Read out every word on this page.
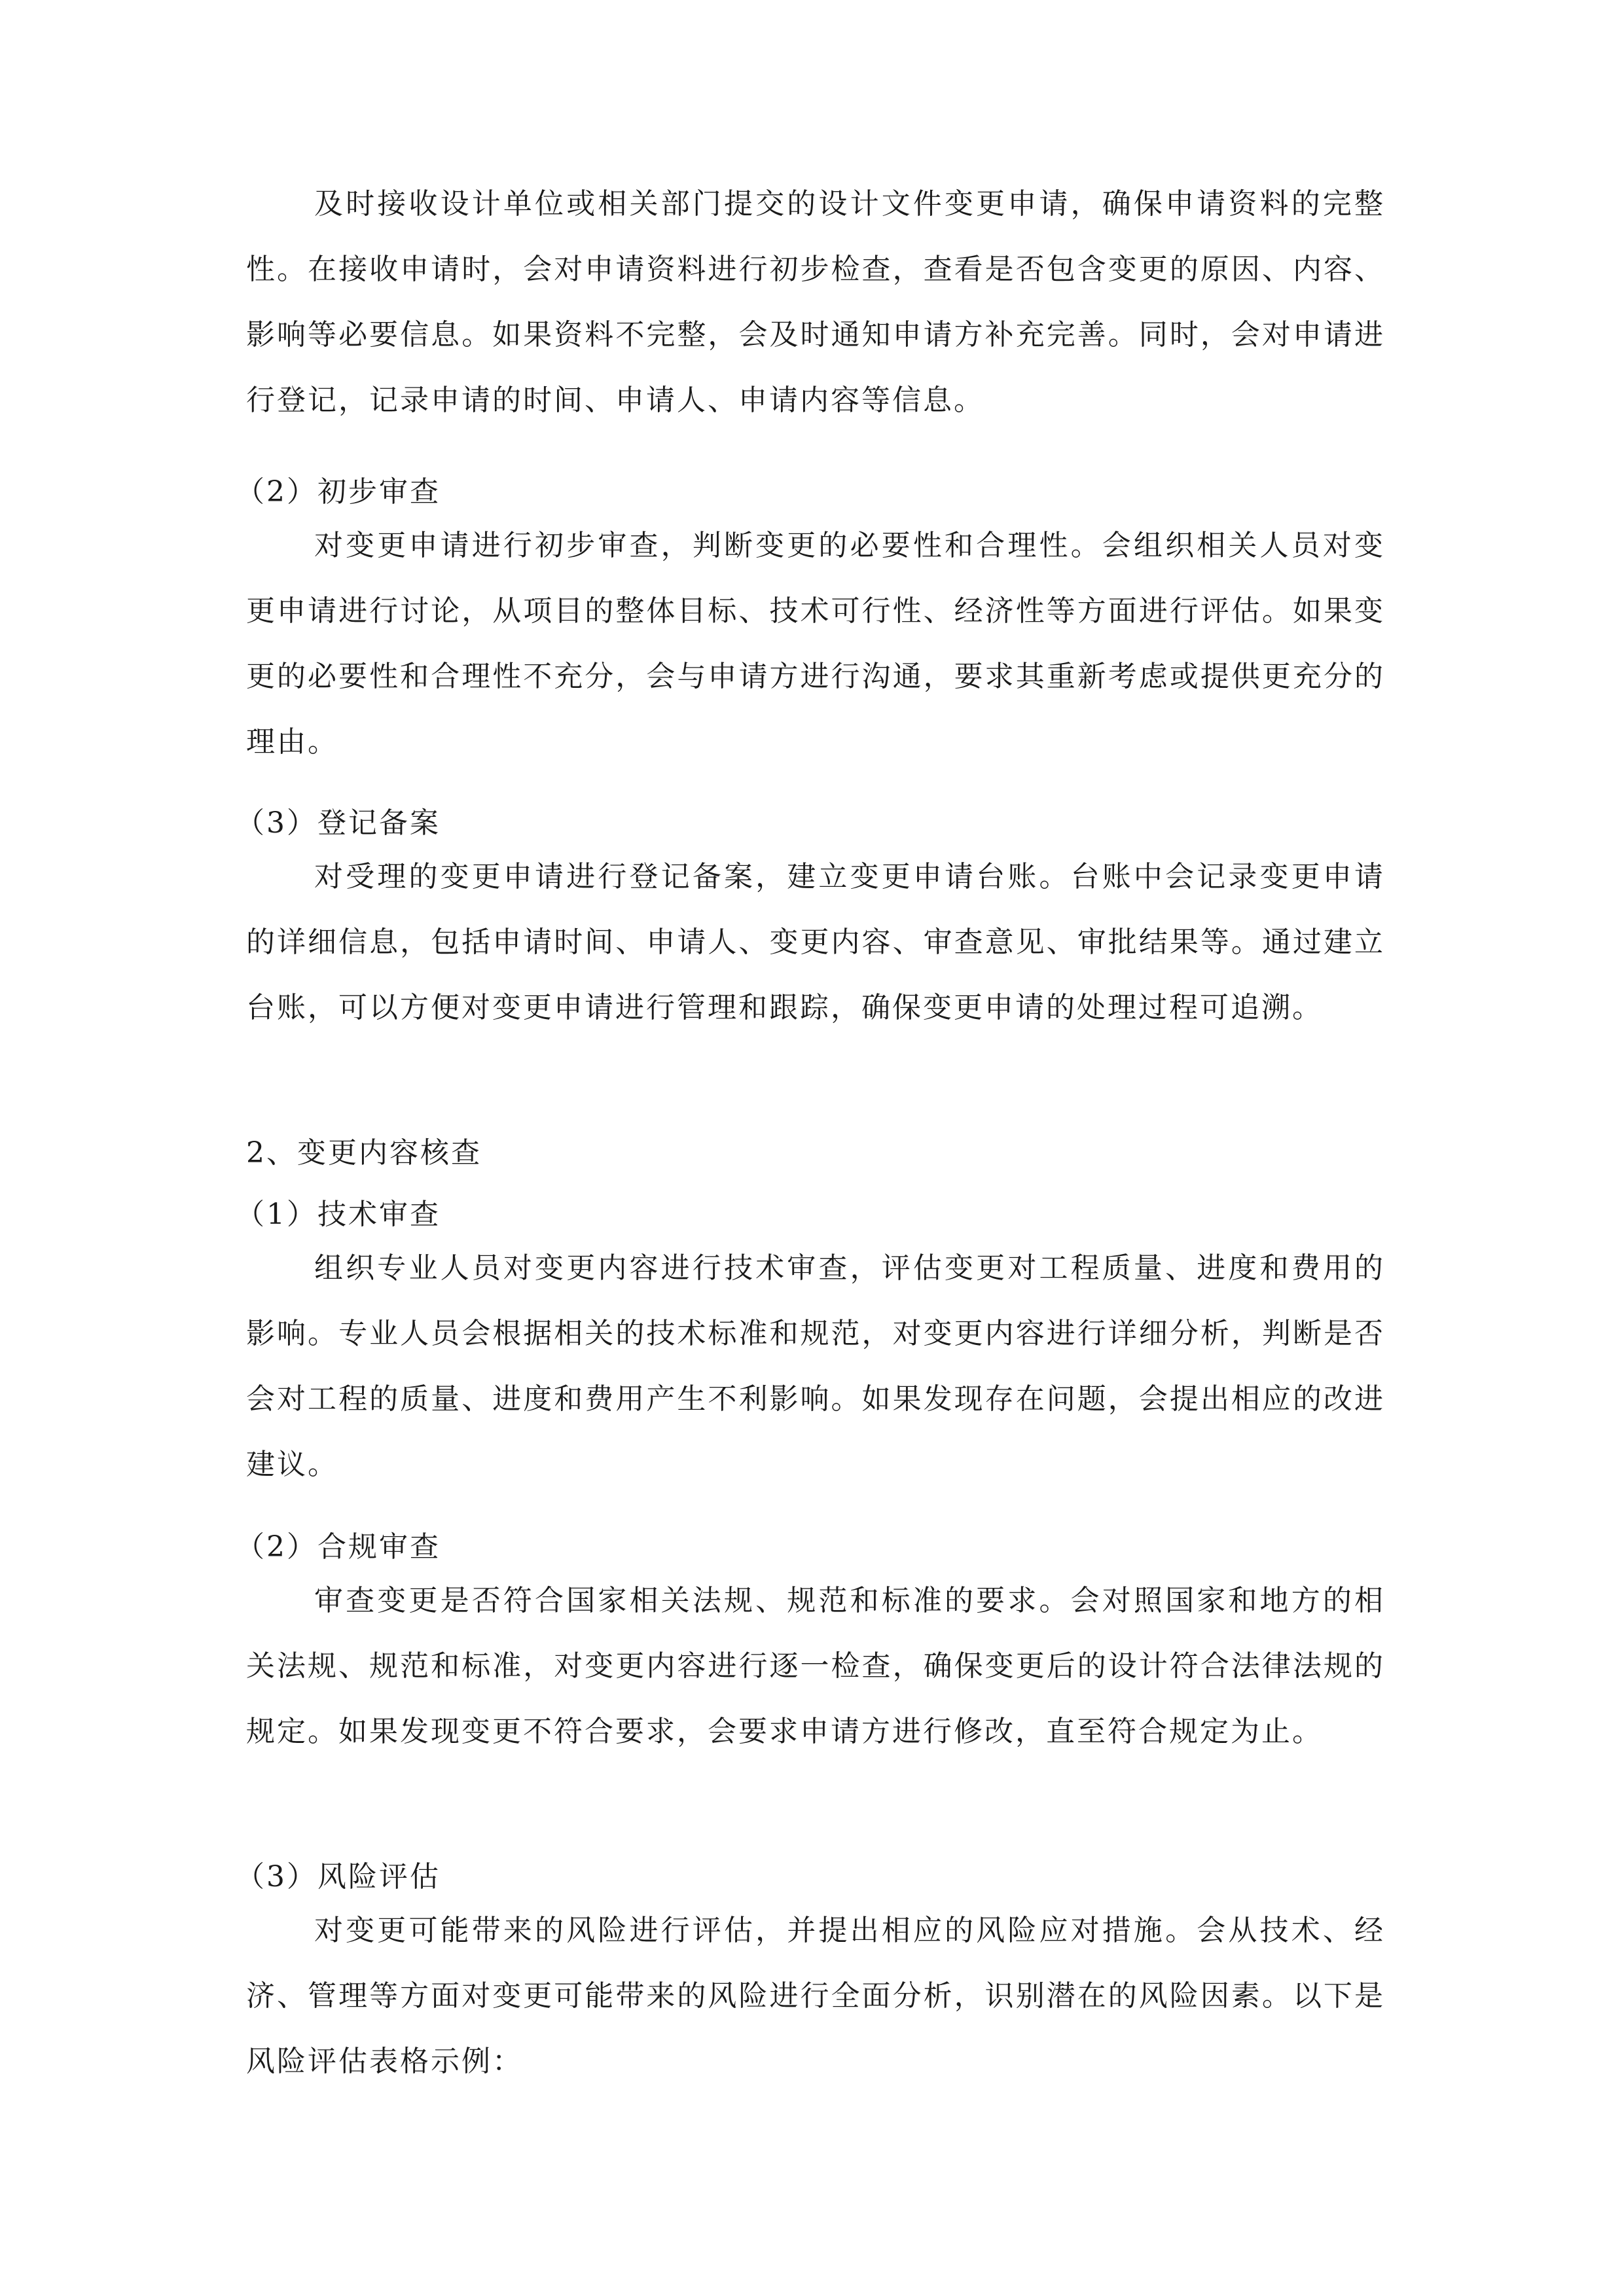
及时接收设计单位或相关部门提交的设计文件变更申请，确保申请资料的完整性。在接收申请时，会对申请资料进行初步检查，查看是否包含变更的原因、内容、影响等必要信息。如果资料不完整，会及时通知申请方补充完善。同时，会对申请进行登记，记录申请的时间、申请人、申请内容等信息。

（2）初步审查

对变更申请进行初步审查，判断变更的必要性和合理性。会组织相关人员对变更申请进行讨论，从项目的整体目标、技术可行性、经济性等方面进行评估。如果变更的必要性和合理性不充分，会与申请方进行沟通，要求其重新考虑或提供更充分的理由。

（3）登记备案

对受理的变更申请进行登记备案，建立变更申请台账。台账中会记录变更申请的详细信息，包括申请时间、申请人、变更内容、审查意见、审批结果等。通过建立台账，可以方便对变更申请进行管理和跟踪，确保变更申请的处理过程可追溯。

2、变更内容核查

（1）技术审查

组织专业人员对变更内容进行技术审查，评估变更对工程质量、进度和费用的影响。专业人员会根据相关的技术标准和规范，对变更内容进行详细分析，判断是否会对工程的质量、进度和费用产生不利影响。如果发现存在问题，会提出相应的改进建议。

（2）合规审查

审查变更是否符合国家相关法规、规范和标准的要求。会对照国家和地方的相关法规、规范和标准，对变更内容进行逐一检查，确保变更后的设计符合法律法规的规定。如果发现变更不符合要求，会要求申请方进行修改，直至符合规定为止。

（3）风险评估

对变更可能带来的风险进行评估，并提出相应的风险应对措施。会从技术、经济、管理等方面对变更可能带来的风险进行全面分析，识别潜在的风险因素。以下是风险评估表格示例：
